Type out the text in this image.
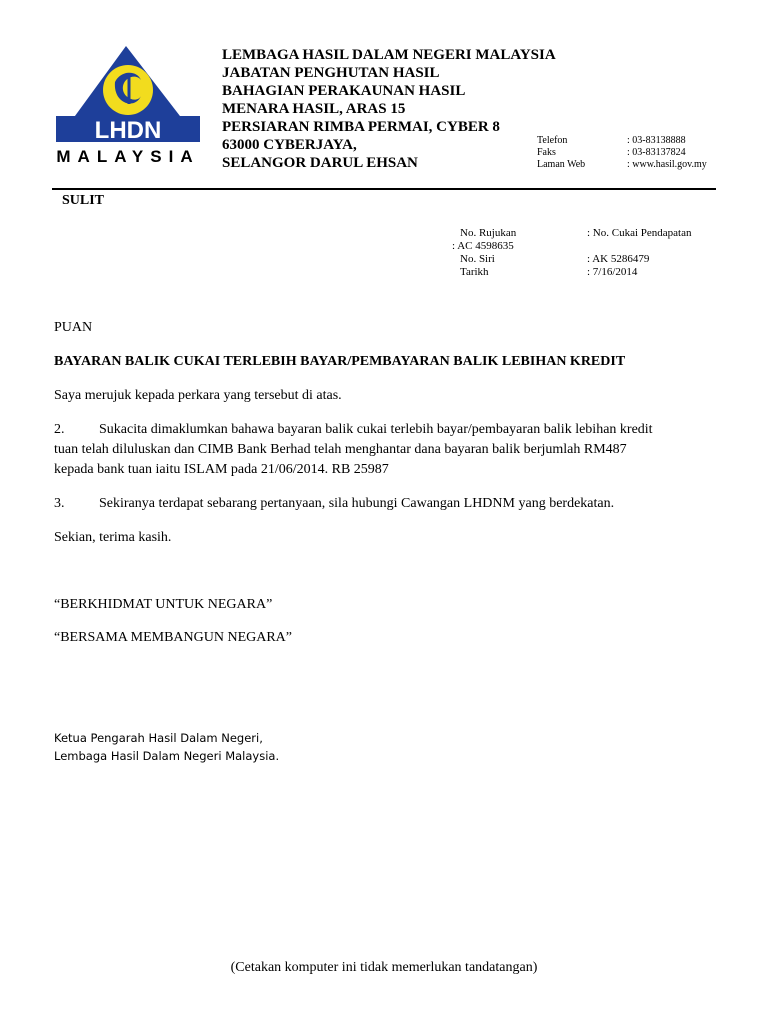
LHDN
MALAYSIA
LEMBAGA HASIL DALAM NEGERI MALAYSIA
JABATAN PENGHUTAN HASIL
BAHAGIAN PERAKAUNAN HASIL
MENARA HASIL, ARAS 15
PERSIARAN RIMBA PERMAI, CYBER 8
63000 CYBERJAYA,
SELANGOR DARUL EHSAN
Telefon	: 03-83138888
Faks	: 03-83137824
Laman Web	: www.hasil.gov.my
SULIT
No. Rujukan	: No. Cukai Pendapatan
: AC 4598635
No. Siri	: AK 5286479
Tarikh	: 7/16/2014
PUAN
BAYARAN BALIK CUKAI TERLEBIH BAYAR/PEMBAYARAN BALIK LEBIHAN KREDIT
Saya merujuk kepada perkara yang tersebut di atas.
2. Sukacita dimaklumkan bahawa bayaran balik cukai terlebih bayar/pembayaran balik lebihan kredit
tuan telah diluluskan dan CIMB Bank Berhad telah menghantar dana bayaran balik berjumlah RM487
kepada bank tuan iaitu ISLAM pada 21/06/2014. RB 25987
3. Sekiranya terdapat sebarang pertanyaan, sila hubungi Cawangan LHDNM yang berdekatan.
Sekian, terima kasih.
“BERKHIDMAT UNTUK NEGARA”
“BERSAMA MEMBANGUN NEGARA”
Ketua Pengarah Hasil Dalam Negeri,
Lembaga Hasil Dalam Negeri Malaysia.
(Cetakan komputer ini tidak memerlukan tandatangan)
